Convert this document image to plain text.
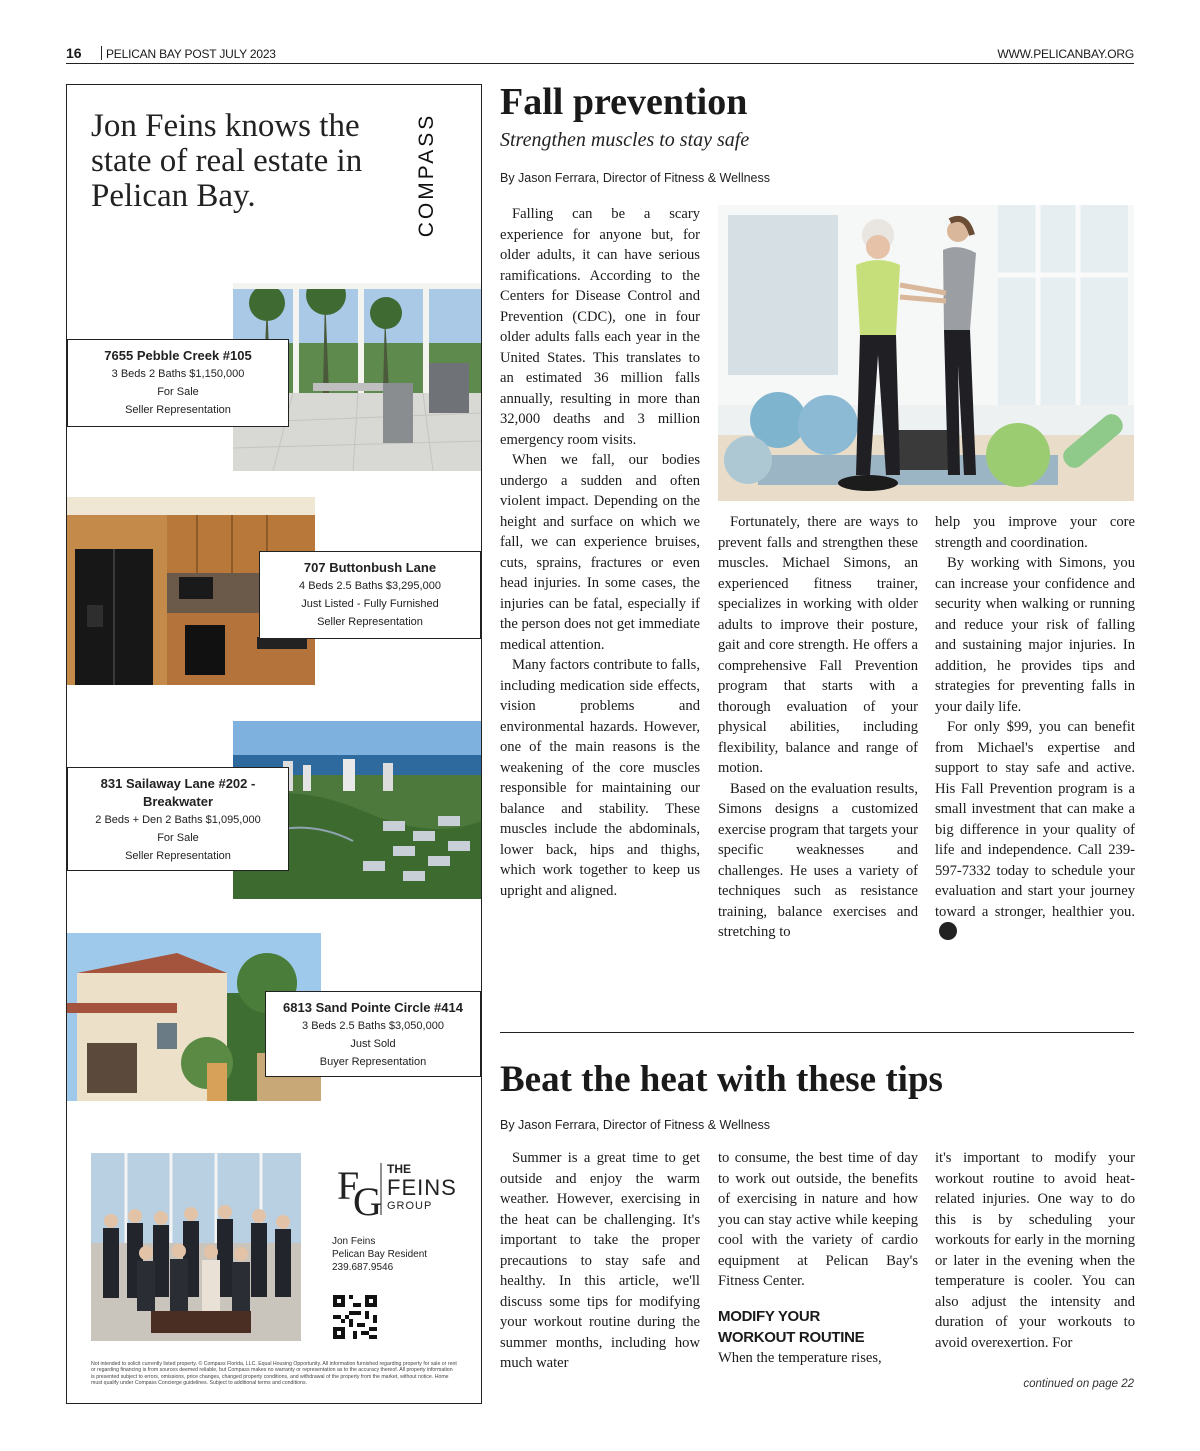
16 PELICAN BAY POST JULY 2023	WWW.PELICANBAY.ORG
Jon Feins knows the state of real estate in Pelican Bay.	COMPASS
7655 Pebble Creek #105
3 Beds 2 Baths $1,150,000
For Sale
Seller Representation
707 Buttonbush Lane
4 Beds 2.5 Baths $3,295,000
Just Listed - Fully Furnished
Seller Representation
831 Sailaway Lane #202 - Breakwater
2 Beds + Den 2 Baths $1,095,000
For Sale
Seller Representation
6813 Sand Pointe Circle #414
3 Beds 2.5 Baths $3,050,000
Just Sold
Buyer Representation
F
G
THE
FEINS
GROUP
Jon Feins
Pelican Bay Resident
239.687.9546
Not intended to solicit currently listed property. © Compass Florida, LLC. Equal Housing Opportunity. All information furnished regarding property for sale or rent or regarding financing is from sources deemed reliable, but Compass makes no warranty or representation as to the accuracy thereof. All property information is presented subject to errors, omissions, price changes, changed property conditions, and withdrawal of the property from the market, without notice. Home must qualify under Compass Concierge guidelines. Subject to additional terms and conditions.
Fall prevention
Strengthen muscles to stay safe
By Jason Ferrara, Director of Fitness & Wellness

Falling can be a scary experience for anyone but, for older adults, it can have serious ramifications. According to the Centers for Disease Control and Prevention (CDC), one in four older adults falls each year in the United States. This translates to an estimated 36 million falls annually, resulting in more than 32,000 deaths and 3 million emergency room visits.

When we fall, our bodies undergo a sudden and often violent impact. Depending on the height and surface on which we fall, we can experience bruises, cuts, sprains, fractures or even head injuries. In some cases, the injuries can be fatal, especially if the person does not get immediate medical attention.

Many factors contribute to falls, including medication side effects, vision problems and environmental hazards. However, one of the main reasons is the weakening of the core muscles responsible for maintaining our balance and stability. These muscles include the abdominals, lower back, hips and thighs, which work together to keep us upright and aligned.

Fortunately, there are ways to prevent falls and strengthen these muscles. Michael Simons, an experienced fitness trainer, specializes in working with older adults to improve their posture, gait and core strength. He offers a comprehensive Fall Prevention program that starts with a thorough evaluation of your physical abilities, including flexibility, balance and range of motion.

Based on the evaluation results, Simons designs a customized exercise program that targets your specific weaknesses and challenges. He uses a variety of techniques such as resistance training, balance exercises and stretching to

help you improve your core strength and coordination.

By working with Simons, you can increase your confidence and security when walking or running and reduce your risk of falling and sustaining major injuries. In addition, he provides tips and strategies for preventing falls in your daily life.

For only $99, you can benefit from Michael's expertise and support to stay safe and active. His Fall Prevention program is a small investment that can make a big difference in your quality of life and independence. Call 239-597-7332 today to schedule your evaluation and start your journey toward a stronger, healthier you.

Beat the heat with these tips
By Jason Ferrara, Director of Fitness & Wellness

Summer is a great time to get outside and enjoy the warm weather. However, exercising in the heat can be challenging. It's important to take the proper precautions to stay safe and healthy. In this article, we'll discuss some tips for modifying your workout routine during the summer months, including how much water

to consume, the best time of day to work out outside, the benefits of exercising in nature and how you can stay active while keeping cool with the variety of cardio equipment at Pelican Bay's Fitness Center.

MODIFY YOUR
WORKOUT ROUTINE

When the temperature rises,

it's important to modify your workout routine to avoid heat-related injuries. One way to do this is by scheduling your workouts for early in the morning or later in the evening when the temperature is cooler. You can also adjust the intensity and duration of your workouts to avoid overexertion. For

continued on page 22
